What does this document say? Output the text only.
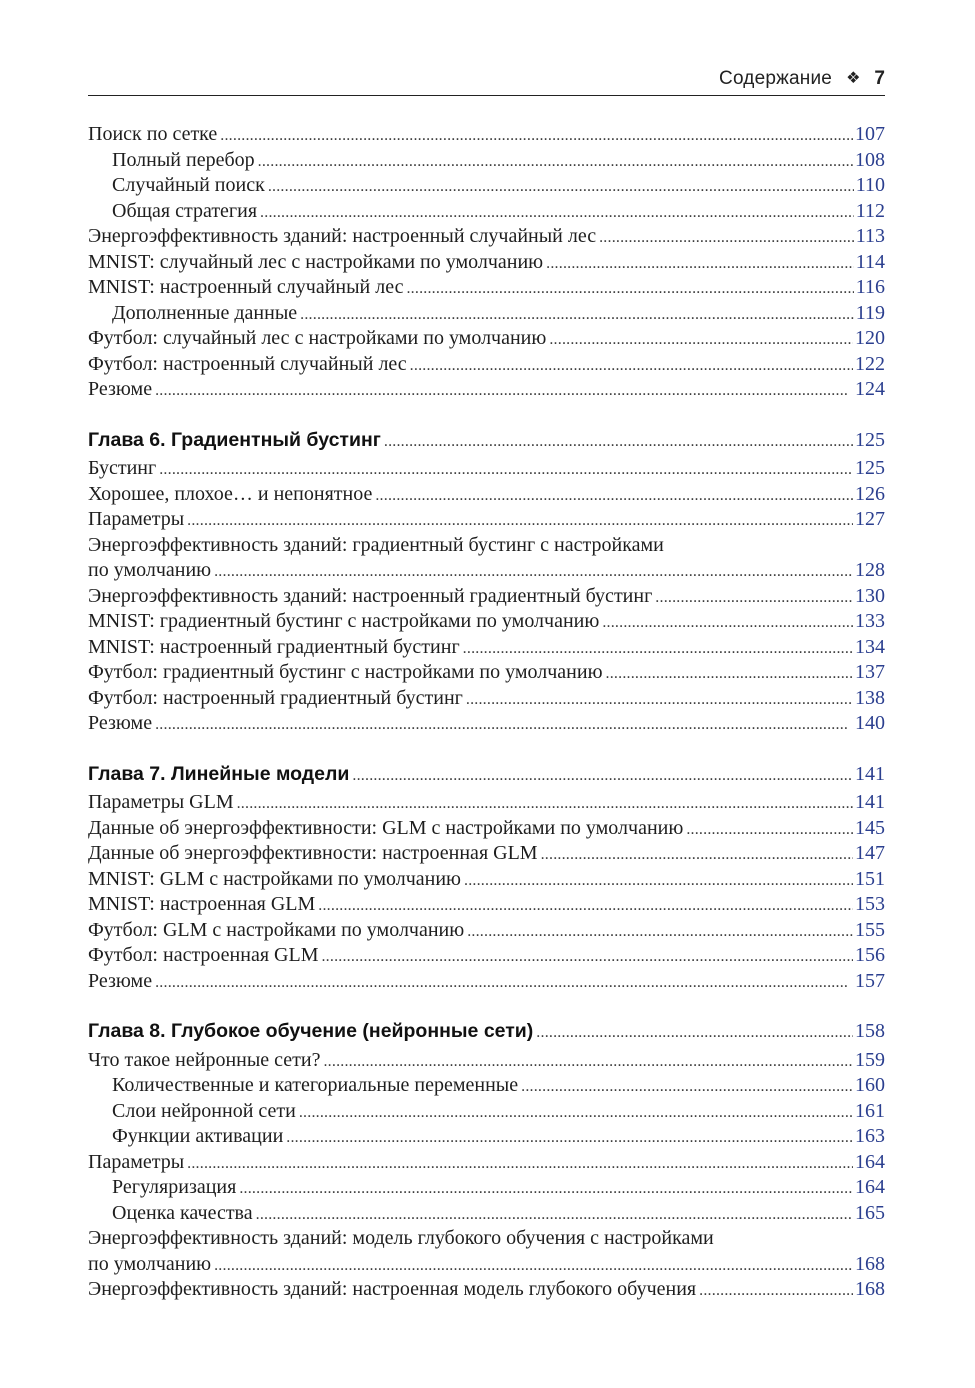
Содержание ❖ 7
Поиск по сетке . . .	107
Полный перебор . . .	108
Случайный поиск . . .	110
Общая стратегия . . .	112
Энергоэффективность зданий: настроенный случайный лес . . .	113
MNIST: случайный лес с настройками по умолчанию . . .	114
MNIST: настроенный случайный лес . . .	116
Дополненные данные . . .	119
Футбол: случайный лес с настройками по умолчанию . . .	120
Футбол: настроенный случайный лес . . .	122
Резюме . . .	124
Глава 6. Градиентный бустинг . . .	125
Бустинг . . .	125
Хорошее, плохое… и непонятное . . .	126
Параметры . . .	127
Энергоэффективность зданий: градиентный бустинг с настройками
по умолчанию . . .	128
Энергоэффективность зданий: настроенный градиентный бустинг . . .	130
MNIST: градиентный бустинг с настройками по умолчанию . . .	133
MNIST: настроенный градиентный бустинг . . .	134
Футбол: градиентный бустинг с настройками по умолчанию . . .	137
Футбол: настроенный градиентный бустинг . . .	138
Резюме . . .	140
Глава 7. Линейные модели . . .	141
Параметры GLM . . .	141
Данные об энергоэффективности: GLM с настройками по умолчанию . . .	145
Данные об энергоэффективности: настроенная GLM . . .	147
MNIST: GLM с настройками по умолчанию . . .	151
MNIST: настроенная GLM . . .	153
Футбол: GLM с настройками по умолчанию . . .	155
Футбол: настроенная GLM . . .	156
Резюме . . .	157
Глава 8. Глубокое обучение (нейронные сети) . . .	158
Что такое нейронные сети? . . .	159
Количественные и категориальные переменные . . .	160
Слои нейронной сети . . .	161
Функции активации . . .	163
Параметры . . .	164
Регуляризация . . .	164
Оценка качества . . .	165
Энергоэффективность зданий: модель глубокого обучения с настройками
по умолчанию . . .	168
Энергоэффективность зданий: настроенная модель глубокого обучения . . .	168
